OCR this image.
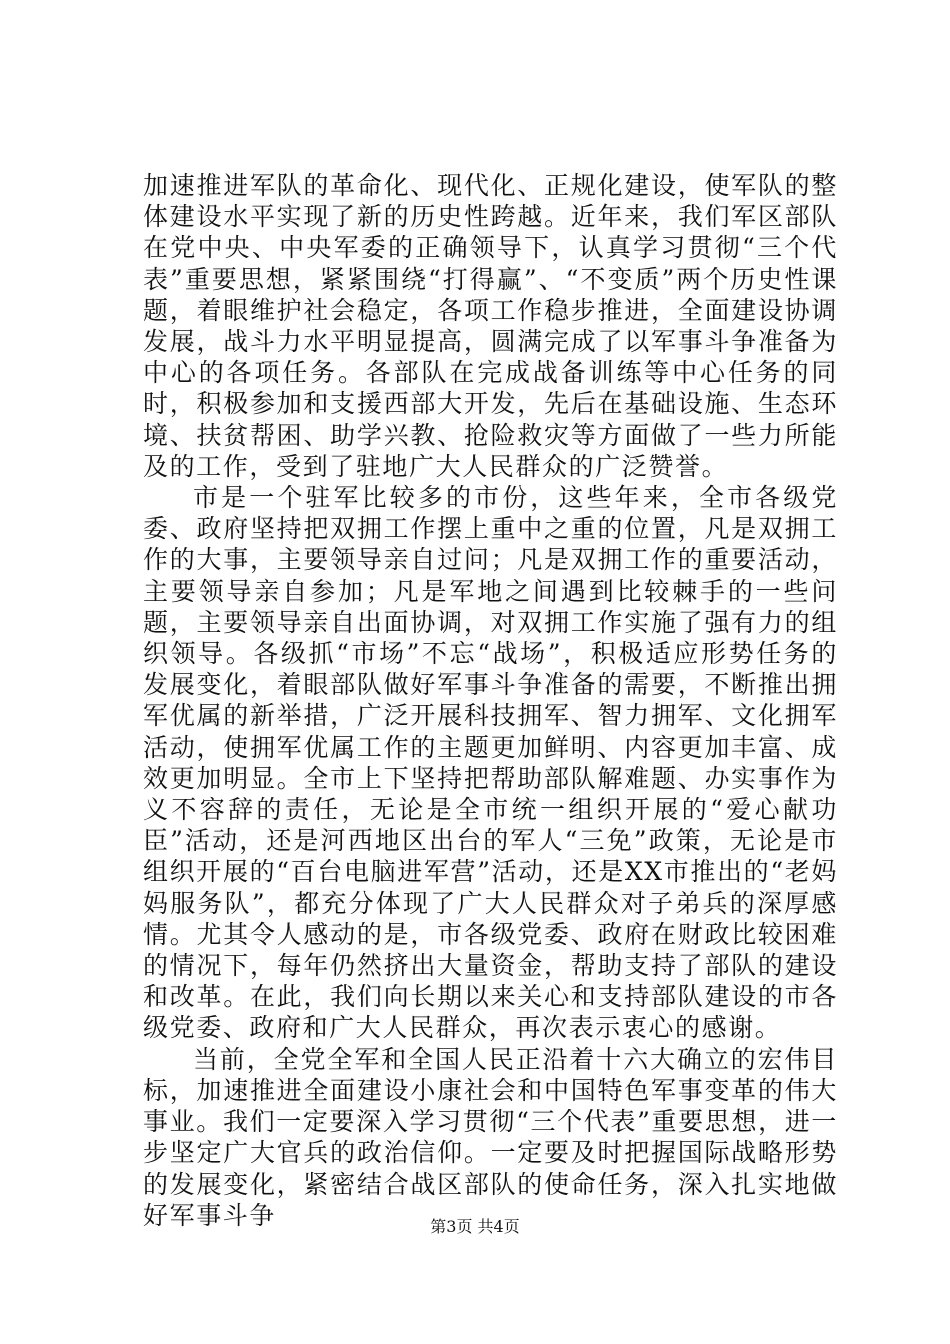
加速推进军队的革命化、现代化、正规化建设，使军队的整体建设水平实现了新的历史性跨越。近年来，我们军区部队在党中央、中央军委的正确领导下，认真学习贯彻“三个代表”重要思想，紧紧围绕“打得赢”、“不变质”两个历史性课题，着眼维护社会稳定，各项工作稳步推进，全面建设协调发展，战斗力水平明显提高，圆满完成了以军事斗争准备为中心的各项任务。各部队在完成战备训练等中心任务的同时，积极参加和支援西部大开发，先后在基础设施、生态环境、扶贫帮困、助学兴教、抢险救灾等方面做了一些力所能及的工作，受到了驻地广大人民群众的广泛赞誉。

市是一个驻军比较多的市份，这些年来，全市各级党委、政府坚持把双拥工作摆上重中之重的位置，凡是双拥工作的大事，主要领导亲自过问；凡是双拥工作的重要活动，主要领导亲自参加；凡是军地之间遇到比较棘手的一些问题，主要领导亲自出面协调，对双拥工作实施了强有力的组织领导。各级抓“市场”不忘“战场”，积极适应形势任务的发展变化，着眼部队做好军事斗争准备的需要，不断推出拥军优属的新举措，广泛开展科技拥军、智力拥军、文化拥军活动，使拥军优属工作的主题更加鲜明、内容更加丰富、成效更加明显。全市上下坚持把帮助部队解难题、办实事作为义不容辞的责任，无论是全市统一组织开展的“爱心献功臣”活动，还是河西地区出台的军人“三免”政策，无论是市组织开展的“百台电脑进军营”活动，还是XX市推出的“老妈妈服务队”，都充分体现了广大人民群众对子弟兵的深厚感情。尤其令人感动的是，市各级党委、政府在财政比较困难的情况下，每年仍然挤出大量资金，帮助支持了部队的建设和改革。在此，我们向长期以来关心和支持部队建设的市各级党委、政府和广大人民群众，再次表示衷心的感谢。

当前，全党全军和全国人民正沿着十六大确立的宏伟目标，加速推进全面建设小康社会和中国特色军事变革的伟大事业。我们一定要深入学习贯彻“三个代表”重要思想，进一步坚定广大官兵的政治信仰。一定要及时把握国际战略形势的发展变化，紧密结合战区部队的使命任务，深入扎实地做好军事斗争	第3页 共4页
